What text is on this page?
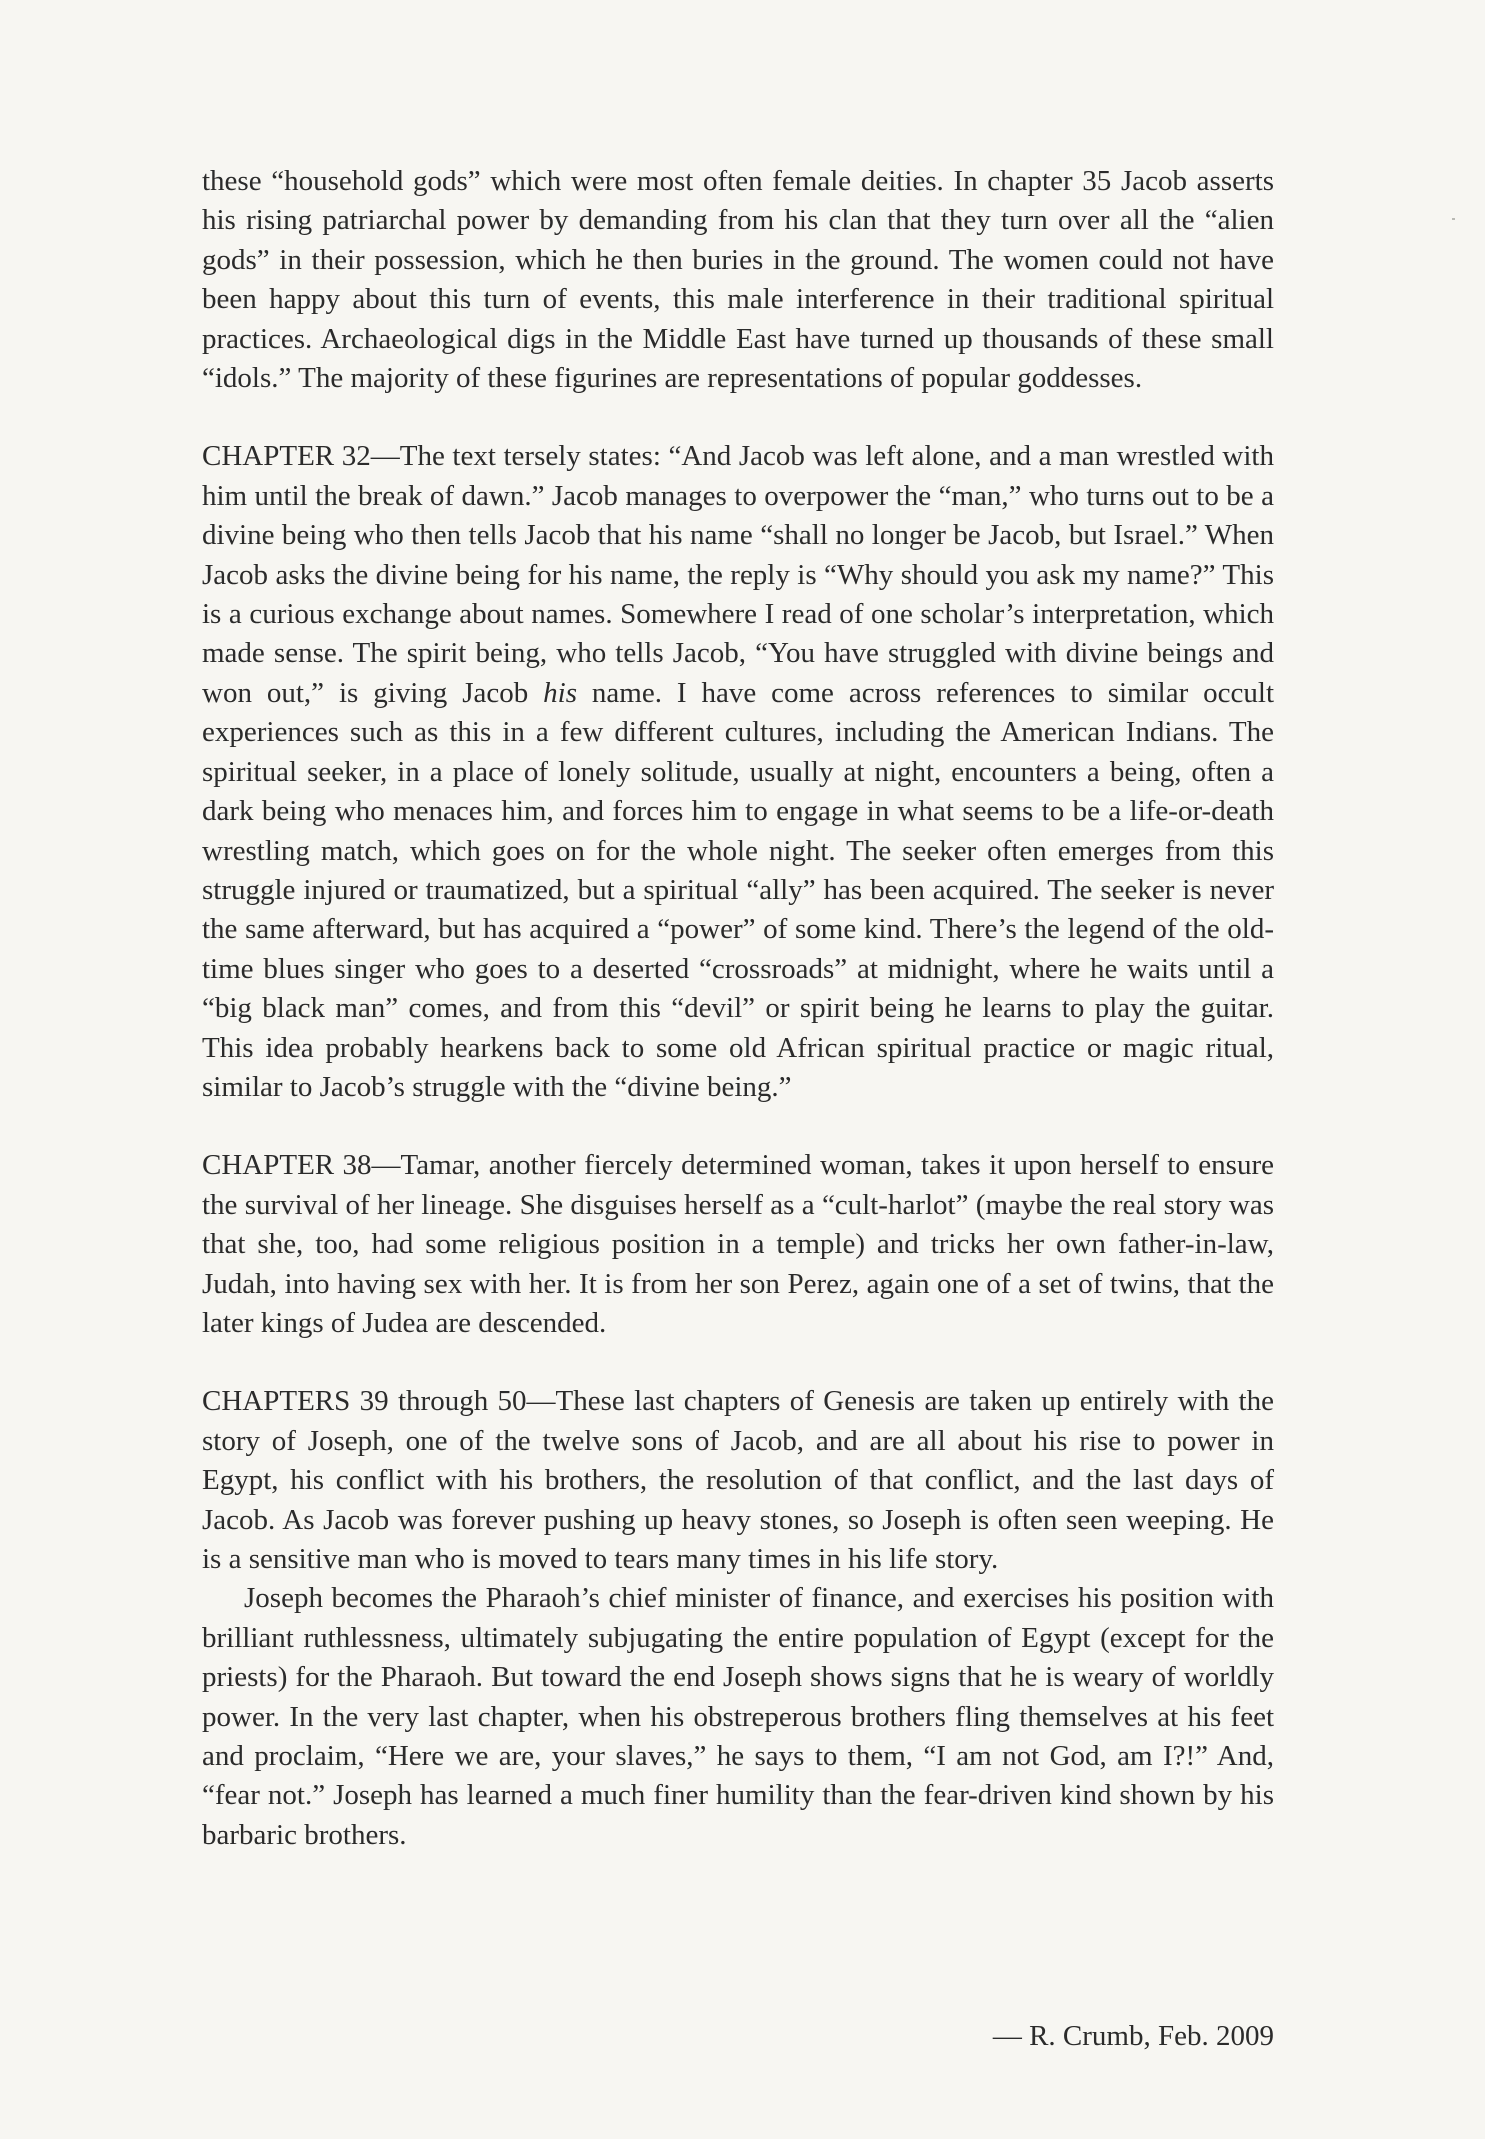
these “household gods” which were most often female deities. In chapter 35 Jacob asserts his rising patriarchal power by demanding from his clan that they turn over all the “alien gods” in their possession, which he then buries in the ground. The women could not have been happy about this turn of events, this male interference in their traditional spiritual practices. Archaeological digs in the Middle East have turned up thousands of these small “idols.” The majority of these figurines are representations of popular goddesses.

CHAPTER 32—The text tersely states: “And Jacob was left alone, and a man wrestled with him until the break of dawn.” Jacob manages to overpower the “man,” who turns out to be a divine being who then tells Jacob that his name “shall no longer be Jacob, but Israel.” When Jacob asks the divine being for his name, the reply is “Why should you ask my name?” This is a curious exchange about names. Somewhere I read of one scholar’s interpretation, which made sense. The spirit being, who tells Jacob, “You have struggled with divine beings and won out,” is giving Jacob his name. I have come across references to similar occult experiences such as this in a few different cultures, including the American Indians. The spiritual seeker, in a place of lonely solitude, usually at night, encounters a being, often a dark being who menaces him, and forces him to engage in what seems to be a life-or-death wrestling match, which goes on for the whole night. The seeker often emerges from this struggle injured or traumatized, but a spiritual “ally” has been acquired. The seeker is never the same afterward, but has acquired a “power” of some kind. There’s the legend of the old-time blues singer who goes to a deserted “crossroads” at midnight, where he waits until a “big black man” comes, and from this “devil” or spirit being he learns to play the guitar. This idea probably hearkens back to some old African spiritual practice or magic ritual, similar to Jacob’s struggle with the “divine being.”

CHAPTER 38—Tamar, another fiercely determined woman, takes it upon herself to ensure the survival of her lineage. She disguises herself as a “cult-harlot” (maybe the real story was that she, too, had some religious position in a temple) and tricks her own father-in-law, Judah, into having sex with her. It is from her son Perez, again one of a set of twins, that the later kings of Judea are descended.

CHAPTERS 39 through 50—These last chapters of Genesis are taken up entirely with the story of Joseph, one of the twelve sons of Jacob, and are all about his rise to power in Egypt, his conflict with his brothers, the resolution of that conflict, and the last days of Jacob. As Jacob was forever pushing up heavy stones, so Joseph is often seen weeping. He is a sensitive man who is moved to tears many times in his life story.

Joseph becomes the Pharaoh’s chief minister of finance, and exercises his position with brilliant ruthlessness, ultimately subjugating the entire population of Egypt (except for the priests) for the Pharaoh. But toward the end Joseph shows signs that he is weary of worldly power. In the very last chapter, when his obstreperous brothers fling themselves at his feet and proclaim, “Here we are, your slaves,” he says to them, “I am not God, am I?!” And, “fear not.” Joseph has learned a much finer humility than the fear-driven kind shown by his barbaric brothers.

— R. Crumb, Feb. 2009
